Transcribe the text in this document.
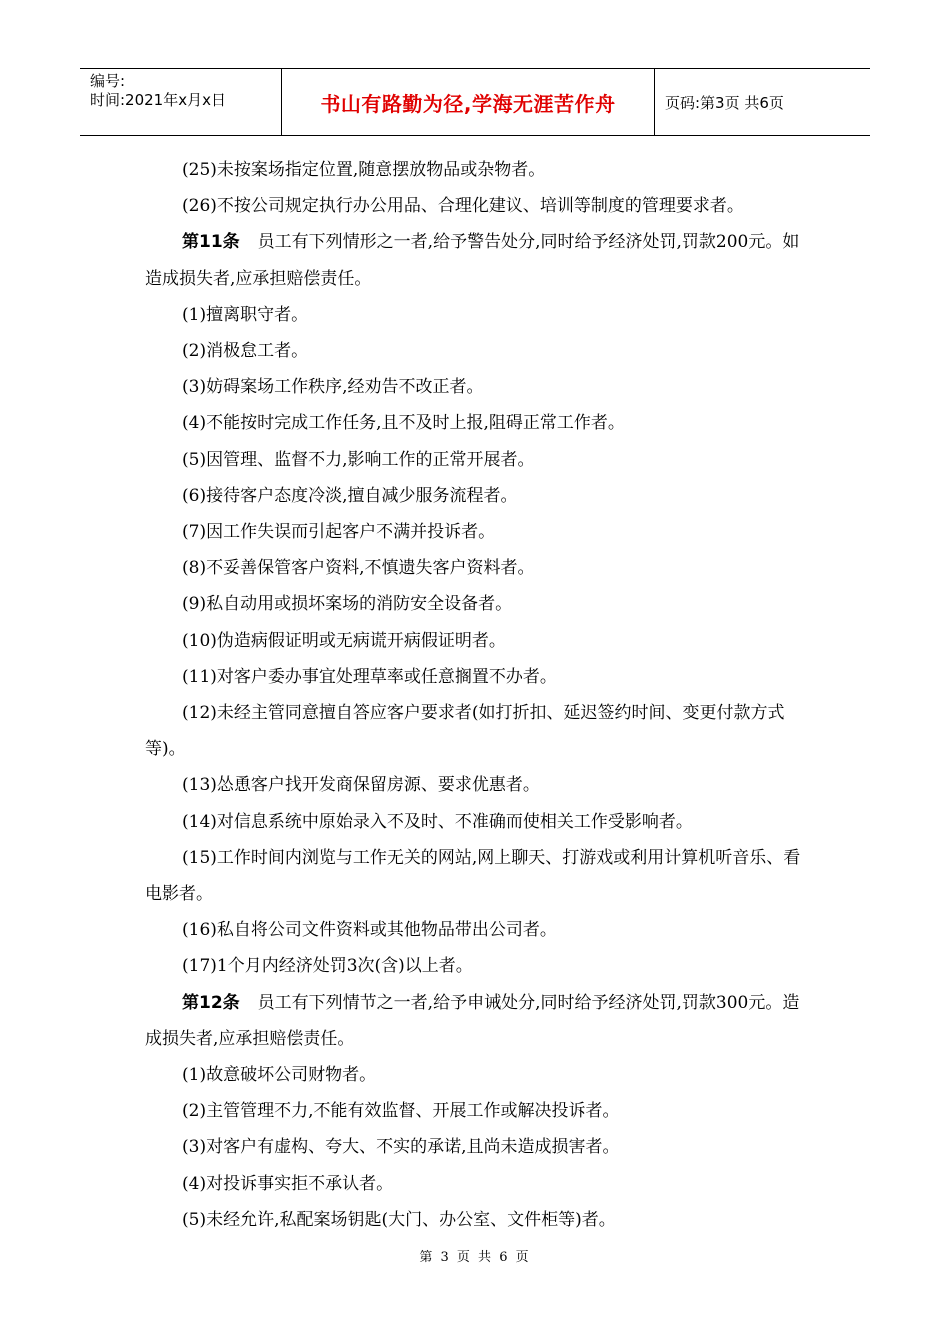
编号:
时间:2021年x月x日	书山有路勤为径,学海无涯苦作舟	页码:第3页 共6页

(25)未按案场指定位置,随意摆放物品或杂物者。

(26)不按公司规定执行办公用品、合理化建议、培训等制度的管理要求者。

第11条 员工有下列情形之一者,给予警告处分,同时给予经济处罚,罚款200元。如造成损失者,应承担赔偿责任。

(1)擅离职守者。

(2)消极怠工者。

(3)妨碍案场工作秩序,经劝告不改正者。

(4)不能按时完成工作任务,且不及时上报,阻碍正常工作者。

(5)因管理、监督不力,影响工作的正常开展者。

(6)接待客户态度冷淡,擅自减少服务流程者。

(7)因工作失误而引起客户不满并投诉者。

(8)不妥善保管客户资料,不慎遗失客户资料者。

(9)私自动用或损坏案场的消防安全设备者。

(10)伪造病假证明或无病谎开病假证明者。

(11)对客户委办事宜处理草率或任意搁置不办者。

(12)未经主管同意擅自答应客户要求者(如打折扣、延迟签约时间、变更付款方式等)。

(13)怂恿客户找开发商保留房源、要求优惠者。

(14)对信息系统中原始录入不及时、不准确而使相关工作受影响者。

(15)工作时间内浏览与工作无关的网站,网上聊天、打游戏或利用计算机听音乐、看电影者。

(16)私自将公司文件资料或其他物品带出公司者。

(17)1个月内经济处罚3次(含)以上者。

第12条 员工有下列情节之一者,给予申诫处分,同时给予经济处罚,罚款300元。造成损失者,应承担赔偿责任。

(1)故意破坏公司财物者。

(2)主管管理不力,不能有效监督、开展工作或解决投诉者。

(3)对客户有虚构、夸大、不实的承诺,且尚未造成损害者。

(4)对投诉事实拒不承认者。

(5)未经允许,私配案场钥匙(大门、办公室、文件柜等)者。

第 3 页 共 6 页
